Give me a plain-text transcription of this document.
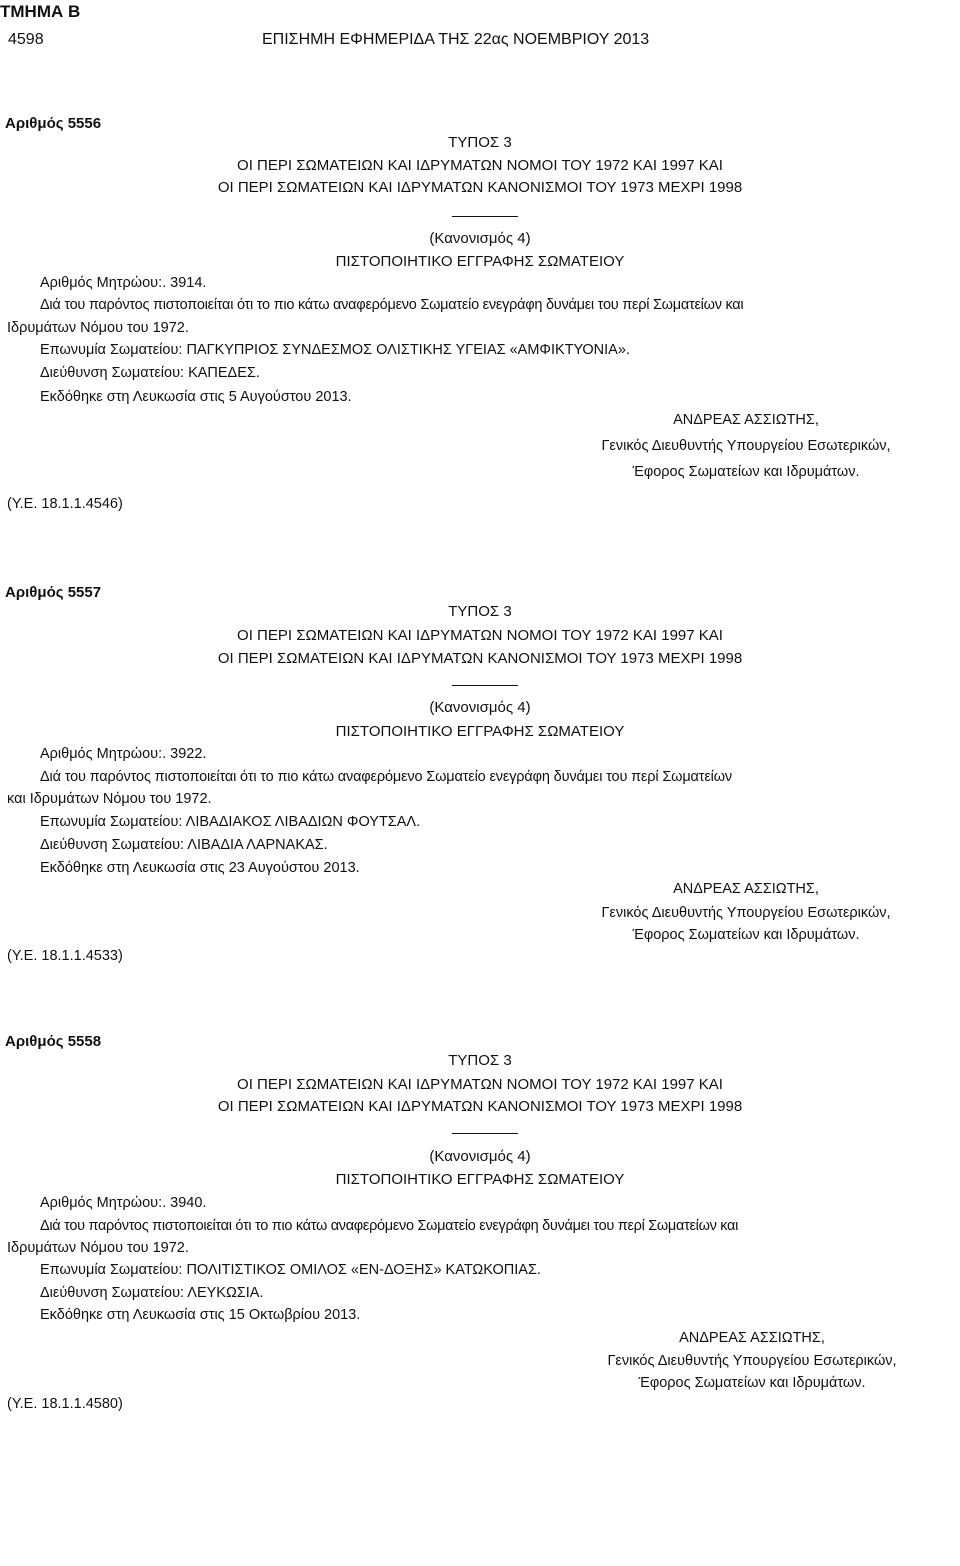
ΤΜΗΜΑ Β
4598	ΕΠΙΣΗΜΗ ΕΦΗΜΕΡΙΔΑ ΤΗΣ 22ας ΝΟΕΜΒΡΙΟΥ 2013
Αριθμός 5556
ΤΥΠΟΣ 3
ΟΙ ΠΕΡΙ ΣΩΜΑΤΕΙΩΝ ΚΑΙ ΙΔΡΥΜΑΤΩΝ ΝΟΜΟΙ ΤΟΥ 1972 ΚΑΙ 1997 ΚΑΙ
ΟΙ ΠΕΡΙ ΣΩΜΑΤΕΙΩΝ ΚΑΙ ΙΔΡΥΜΑΤΩΝ ΚΑΝΟΝΙΣΜΟΙ ΤΟΥ 1973 ΜΕΧΡΙ 1998
(Κανονισμός 4)
ΠΙΣΤΟΠΟΙΗΤΙΚΟ ΕΓΓΡΑΦΗΣ ΣΩΜΑΤΕΙΟΥ
Αριθμός Μητρώου:. 3914.
Διά του παρόντος πιστοποιείται ότι το πιο κάτω αναφερόμενο Σωματείο ενεγράφη δυνάμει του περί Σωματείων και
Ιδρυμάτων Νόμου του 1972.
Επωνυμία Σωματείου: ΠΑΓΚΥΠΡΙΟΣ ΣΥΝΔΕΣΜΟΣ ΟΛΙΣΤΙΚΗΣ ΥΓΕΙΑΣ «ΑΜΦΙΚΤΥΟΝΙΑ».
Διεύθυνση Σωματείου: ΚΑΠΕΔΕΣ.
Εκδόθηκε στη Λευκωσία στις 5 Αυγούστου 2013.
ΑΝΔΡΕΑΣ ΑΣΣΙΩΤΗΣ,
Γενικός Διευθυντής Υπουργείου Εσωτερικών,
Έφορος Σωματείων και Ιδρυμάτων.
(Υ.Ε. 18.1.1.4546)
Αριθμός 5557
ΤΥΠΟΣ 3
ΟΙ ΠΕΡΙ ΣΩΜΑΤΕΙΩΝ ΚΑΙ ΙΔΡΥΜΑΤΩΝ ΝΟΜΟΙ ΤΟΥ 1972 ΚΑΙ 1997 ΚΑΙ
ΟΙ ΠΕΡΙ ΣΩΜΑΤΕΙΩΝ ΚΑΙ ΙΔΡΥΜΑΤΩΝ ΚΑΝΟΝΙΣΜΟΙ ΤΟΥ 1973 ΜΕΧΡΙ 1998
(Κανονισμός 4)
ΠΙΣΤΟΠΟΙΗΤΙΚΟ ΕΓΓΡΑΦΗΣ ΣΩΜΑΤΕΙΟΥ
Αριθμός Μητρώου:. 3922.
Διά του παρόντος πιστοποιείται ότι το πιο κάτω αναφερόμενο Σωματείο ενεγράφη δυνάμει του περί Σωματείων
και Ιδρυμάτων Νόμου του 1972.
Επωνυμία Σωματείου: ΛΙΒΑΔΙΑΚΟΣ ΛΙΒΑΔΙΩΝ ΦΟΥΤΣΑΛ.
Διεύθυνση Σωματείου: ΛΙΒΑΔΙΑ ΛΑΡΝΑΚΑΣ.
Εκδόθηκε στη Λευκωσία στις 23 Αυγούστου 2013.
ΑΝΔΡΕΑΣ ΑΣΣΙΩΤΗΣ,
Γενικός Διευθυντής Υπουργείου Εσωτερικών,
Έφορος Σωματείων και Ιδρυμάτων.
(Υ.Ε. 18.1.1.4533)
Αριθμός 5558
ΤΥΠΟΣ 3
ΟΙ ΠΕΡΙ ΣΩΜΑΤΕΙΩΝ ΚΑΙ ΙΔΡΥΜΑΤΩΝ ΝΟΜΟΙ ΤΟΥ 1972 ΚΑΙ 1997 ΚΑΙ
ΟΙ ΠΕΡΙ ΣΩΜΑΤΕΙΩΝ ΚΑΙ ΙΔΡΥΜΑΤΩΝ ΚΑΝΟΝΙΣΜΟΙ ΤΟΥ 1973 ΜΕΧΡΙ 1998
(Κανονισμός 4)
ΠΙΣΤΟΠΟΙΗΤΙΚΟ ΕΓΓΡΑΦΗΣ ΣΩΜΑΤΕΙΟΥ
Αριθμός Μητρώου:. 3940.
Διά του παρόντος πιστοποιείται ότι το πιο κάτω αναφερόμενο Σωματείο ενεγράφη δυνάμει του περί Σωματείων και
Ιδρυμάτων Νόμου του 1972.
Επωνυμία Σωματείου: ΠΟΛΙΤΙΣΤΙΚΟΣ ΟΜΙΛΟΣ «ΕΝ-ΔΟΞΗΣ» ΚΑΤΩΚΟΠΙΑΣ.
Διεύθυνση Σωματείου: ΛΕΥΚΩΣΙΑ.
Εκδόθηκε στη Λευκωσία στις 15 Οκτωβρίου 2013.
ΑΝΔΡΕΑΣ ΑΣΣΙΩΤΗΣ,
Γενικός Διευθυντής Υπουργείου Εσωτερικών,
Έφορος Σωματείων και Ιδρυμάτων.
(Υ.Ε. 18.1.1.4580)
